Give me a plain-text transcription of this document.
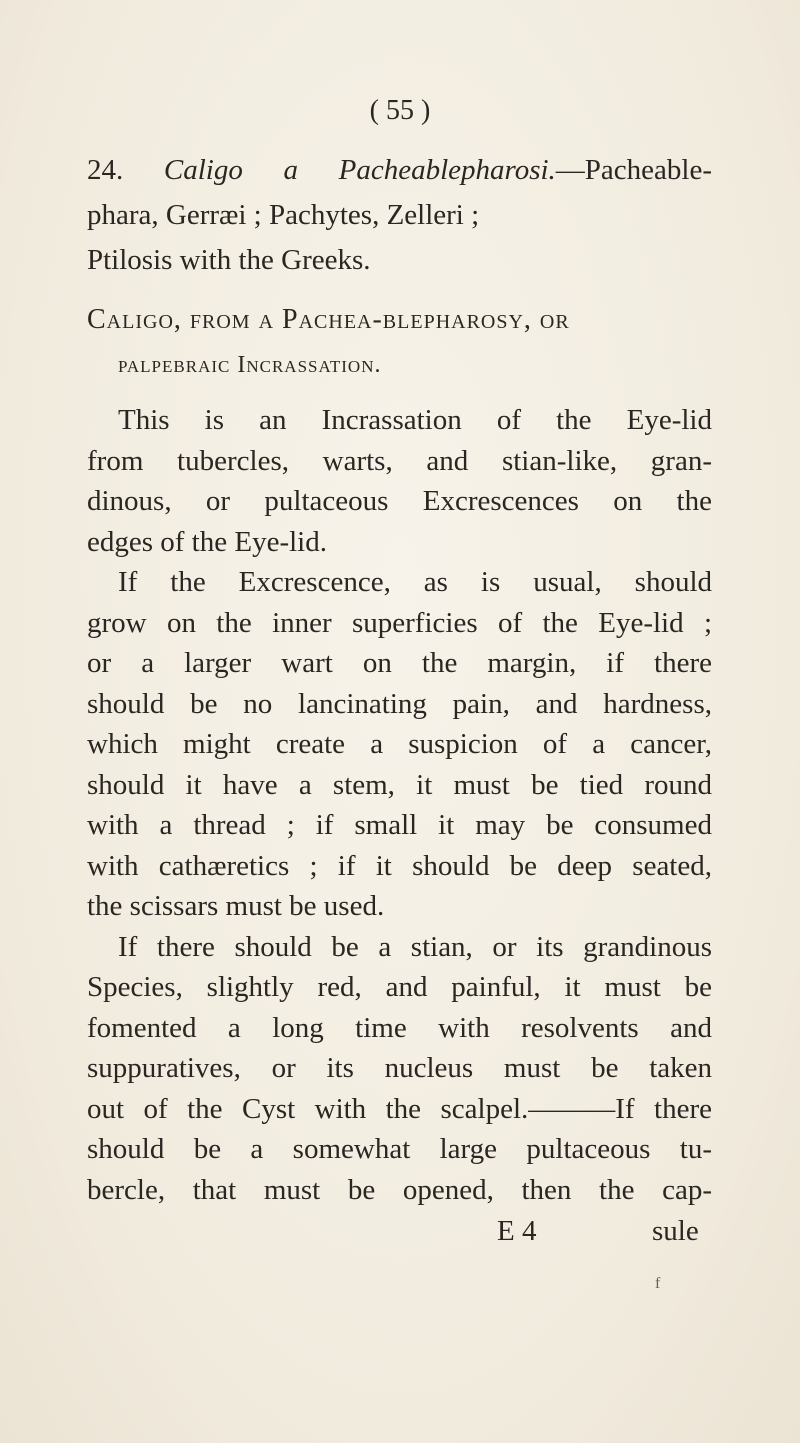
( 55 )
24. Caligo a Pacheablepharosi.—Pacheable-
phara, Gerræi ; Pachytes, Zelleri ;
Ptilosis with the Greeks.
Caligo, from a Pachea-blepharosy, or
palpebraic Incrassation.
This is an Incrassation of the Eye-lid
from tubercles, warts, and stian-like, gran-
dinous, or pultaceous Excrescences on the
edges of the Eye-lid.
If the Excrescence, as is usual, should
grow on the inner superficies of the Eye-lid ;
or a larger wart on the margin, if there
should be no lancinating pain, and hardness,
which might create a suspicion of a cancer,
should it have a stem, it must be tied round
with a thread ; if small it may be consumed
with cathæretics ; if it should be deep seated,
the scissars must be used.
If there should be a stian, or its grandinous
Species, slightly red, and painful, it must be
fomented a long time with resolvents and
suppuratives, or its nucleus must be taken
out of the Cyst with the scalpel.———If there
should be a somewhat large pultaceous tu-
bercle, that must be opened, then the cap-
E 4	sule
f
